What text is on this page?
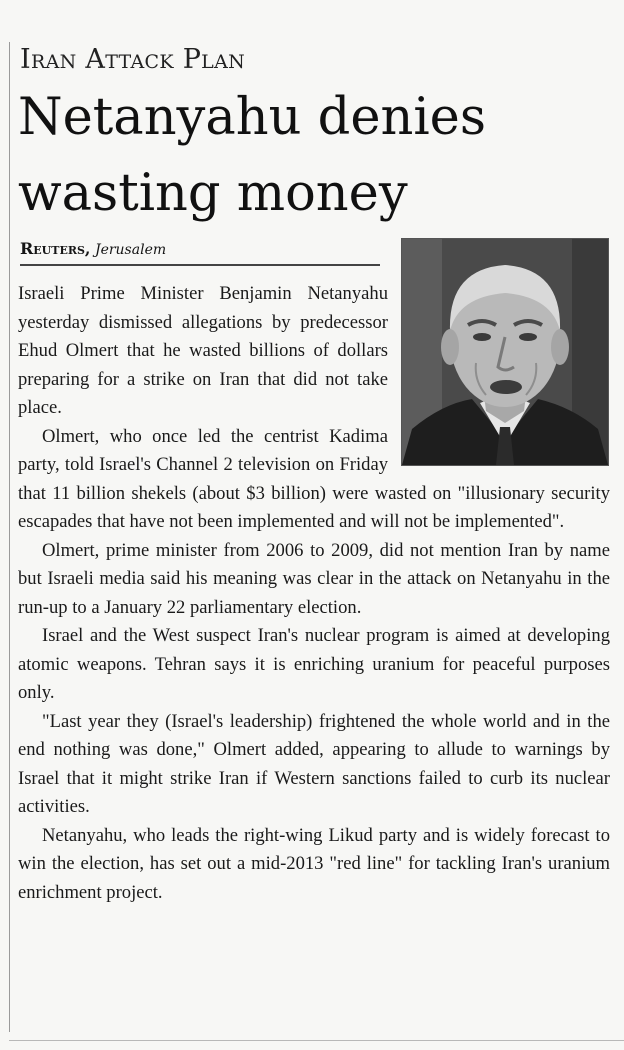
Iran Attack Plan
Netanyahu denies wasting money
Reuters, Jerusalem

Israeli Prime Minister Benjamin Netanyahu yesterday dismissed allegations by predecessor Ehud Olmert that he wasted billions of dollars preparing for a strike on Iran that did not take place.

Olmert, who once led the centrist Kadima party, told Israel's Channel 2 television on Friday that 11 billion shekels (about $3 billion) were wasted on "illusionary security escapades that have not been implemented and will not be implemented".

Olmert, prime minister from 2006 to 2009, did not mention Iran by name but Israeli media said his meaning was clear in the attack on Netanyahu in the run-up to a January 22 parliamentary election.

Israel and the West suspect Iran's nuclear program is aimed at developing atomic weapons. Tehran says it is enriching uranium for peaceful purposes only.

"Last year they (Israel's leadership) frightened the whole world and in the end nothing was done," Olmert added, appearing to allude to warnings by Israel that it might strike Iran if Western sanctions failed to curb its nuclear activities.

Netanyahu, who leads the right-wing Likud party and is widely forecast to win the election, has set out a mid-2013 "red line" for tackling Iran's uranium enrichment project.
